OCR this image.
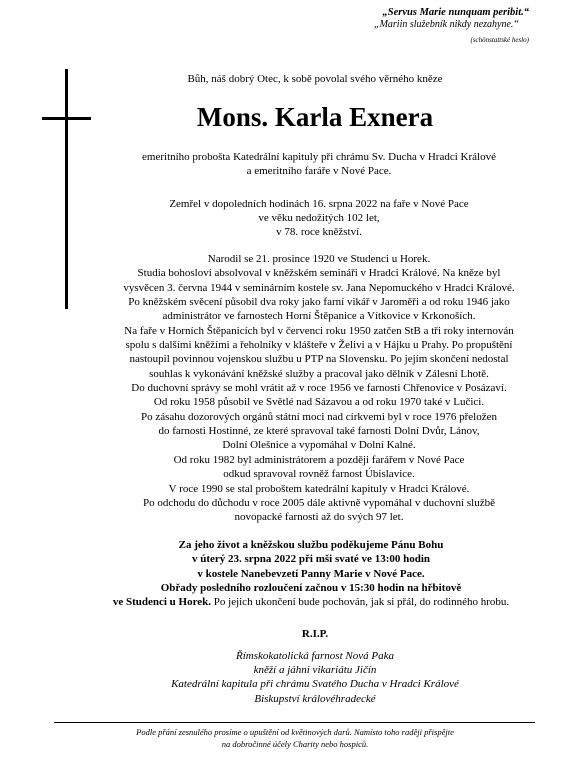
„Servus Marie nunquam peribit.“
„Mariin služebník nikdy nezahyne.“
(schönstattské heslo)
Bůh, náš dobrý Otec, k sobě povolal svého věrného kněze
Mons. Karla Exnera
emeritního probošta Katedrální kapituly při chrámu Sv. Ducha v Hradci Králové
a emeritního faráře v Nové Pace.
Zemřel v dopoledních hodinách 16. srpna 2022 na faře v Nové Pace
ve věku nedožitých 102 let,
v 78. roce kněžství.
Narodil se 21. prosince 1920 ve Studenci u Horek.
Studia bohosloví absolvoval v kněžském semináři v Hradci Králové. Na kněze byl
vysvěcen 3. června 1944 v seminárním kostele sv. Jana Nepomuckého v Hradci Králové.
Po kněžském svěcení působil dva roky jako farní vikář v Jaroměři a od roku 1946 jako
administrátor ve farnostech Horní Štěpanice a Vítkovice v Krkonoších.
Na faře v Horních Štěpanicích byl v červenci roku 1950 zatčen StB a tři roky internován
spolu s dalšími kněžími a řeholníky v klášteře v Želivi a v Hájku u Prahy. Po propuštění
nastoupil povinnou vojenskou službu u PTP na Slovensku. Po jejím skončení nedostal
souhlas k vykonávání kněžské služby a pracoval jako dělník v Zálesní Lhotě.
Do duchovní správy se mohl vrátit až v roce 1956 ve farnosti Chřenovice v Posázaví.
Od roku 1958 působil ve Světlé nad Sázavou a od roku 1970 také v Lučici.
Po zásahu dozorových orgánů státní moci nad církvemi byl v roce 1976 přeložen
do farnosti Hostinné, ze které spravoval také farnosti Dolní Dvůr, Lánov,
Dolní Olešnice a vypomáhal v Dolní Kalné.
Od roku 1982 byl administrátorem a později farářem v Nové Pace
odkud spravoval rovněž farnost Úbislavice.
V roce 1990 se stal proboštem katedrální kapituly v Hradci Králové.
Po odchodu do důchodu v roce 2005 dále aktivně vypomáhal v duchovní službě
novopacké farnosti až do svých 97 let.
Za jeho život a kněžskou službu poděkujeme Pánu Bohu
v úterý 23. srpna 2022 při mši svaté ve 13:00 hodin
v kostele Nanebevzetí Panny Marie v Nové Pace.
Obřady posledního rozloučení začnou v 15:30 hodin na hřbitově
ve Studenci u Horek. Po jejich ukončení bude pochován, jak si přál, do rodinného hrobu.
R.I.P.
Římskokatolická farnost Nová Paka
kněží a jáhni vikariátu Jičín
Katedrální kapitula při chrámu Svatého Ducha v Hradci Králové
Biskupství královéhradecké
Podle přání zesnulého prosíme o upuštění od květinových darů. Namísto toho raději přispějte
na dobročinné účely Charity nebo hospiců.
